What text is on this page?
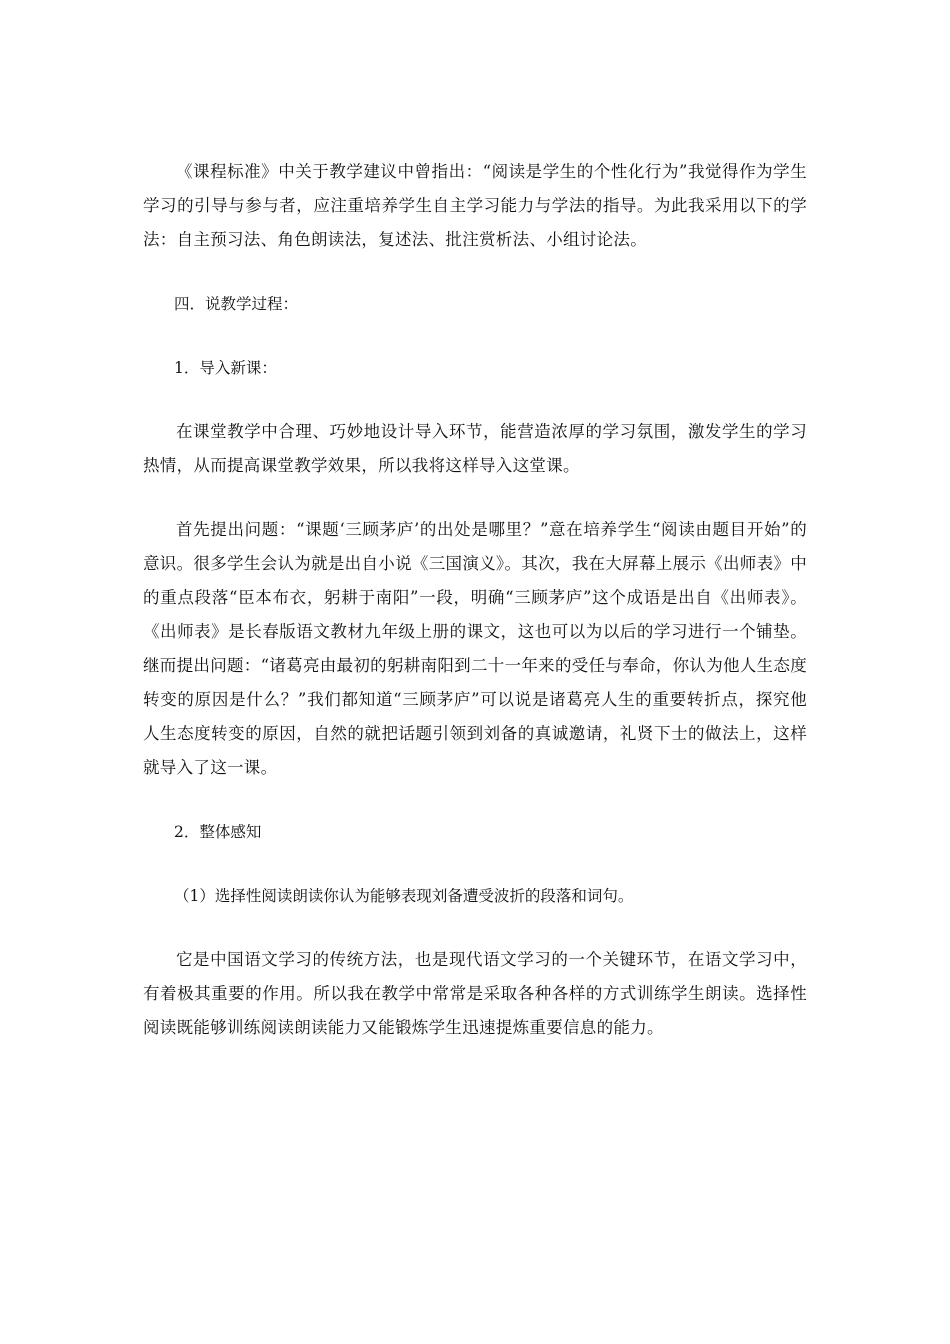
《课程标准》中关于教学建议中曾指出：“阅读是学生的个性化行为”我觉得作为学生学习的引导与参与者，应注重培养学生自主学习能力与学法的指导。为此我采用以下的学法：自主预习法、角色朗读法，复述法、批注赏析法、小组讨论法。

四．说教学过程：

1．导入新课：

在课堂教学中合理、巧妙地设计导入环节，能营造浓厚的学习氛围，激发学生的学习热情，从而提高课堂教学效果，所以我将这样导入这堂课。

首先提出问题：“课题‘三顾茅庐’的出处是哪里？”意在培养学生“阅读由题目开始”的意识。很多学生会认为就是出自小说《三国演义》。其次，我在大屏幕上展示《出师表》中的重点段落“臣本布衣，躬耕于南阳”一段，明确“三顾茅庐”这个成语是出自《出师表》。《出师表》是长春版语文教材九年级上册的课文，这也可以为以后的学习进行一个铺垫。继而提出问题：“诸葛亮由最初的躬耕南阳到二十一年来的受任与奉命，你认为他人生态度转变的原因是什么？”我们都知道“三顾茅庐”可以说是诸葛亮人生的重要转折点，探究他人生态度转变的原因，自然的就把话题引领到刘备的真诚邀请，礼贤下士的做法上，这样就导入了这一课。

2．整体感知

（1）选择性阅读朗读你认为能够表现刘备遭受波折的段落和词句。

它是中国语文学习的传统方法，也是现代语文学习的一个关键环节，在语文学习中，有着极其重要的作用。所以我在教学中常常是采取各种各样的方式训练学生朗读。选择性阅读既能够训练阅读朗读能力又能锻炼学生迅速提炼重要信息的能力。
